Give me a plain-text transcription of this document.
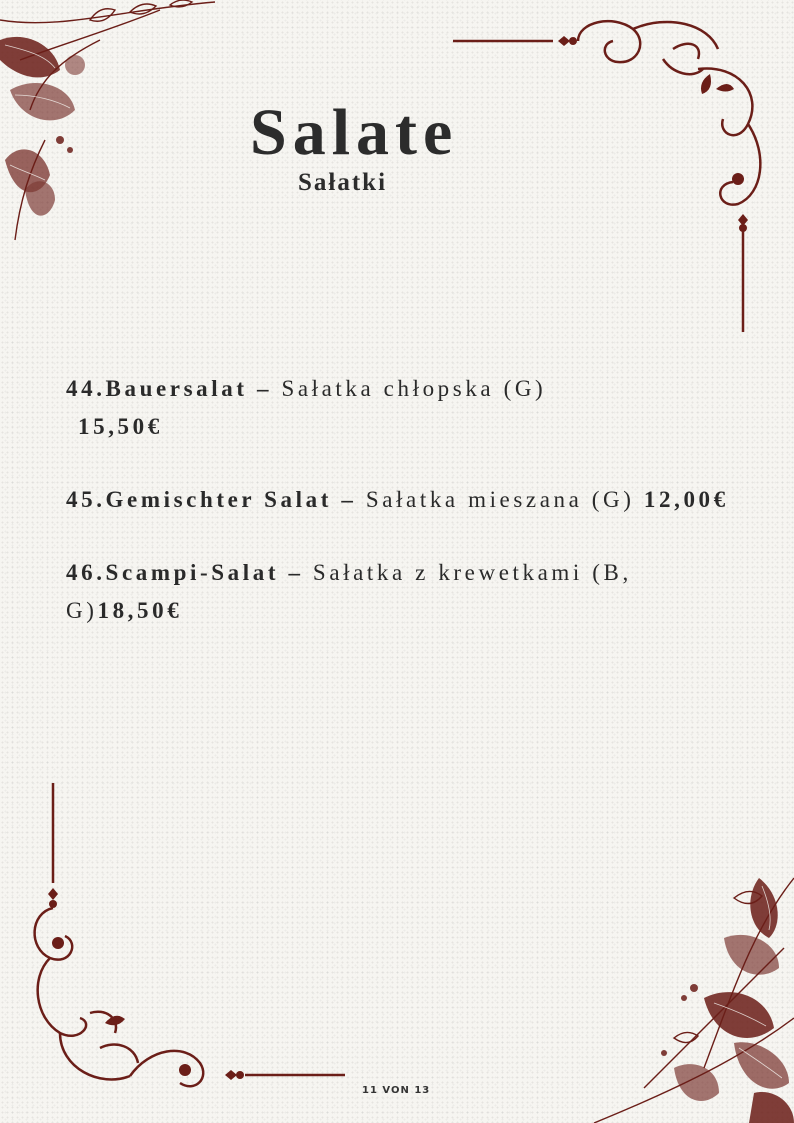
Salate
Sałatki
44.Bauersalat – Sałatka chłopska (G)
15,50€
45.Gemischter Salat – Sałatka mieszana (G) 12,00€
46.Scampi-Salat – Sałatka z krewetkami (B, G)18,50€
11 VON 13
